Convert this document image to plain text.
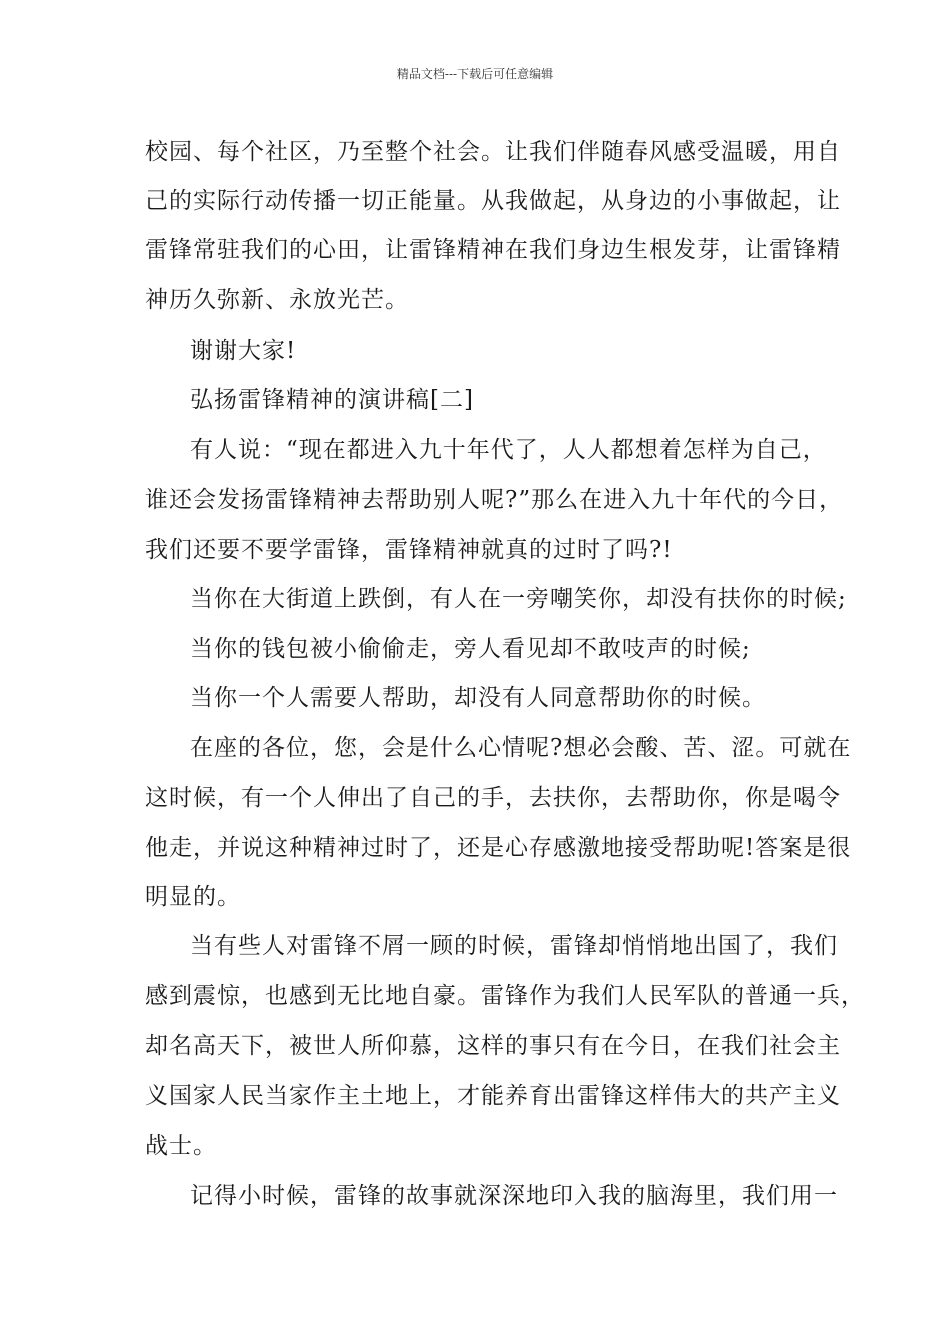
精品文档---下载后可任意编辑
校园、每个社区，乃至整个社会。让我们伴随春风感受温暖，用自
己的实际行动传播一切正能量。从我做起，从身边的小事做起，让
雷锋常驻我们的心田，让雷锋精神在我们身边生根发芽，让雷锋精
神历久弥新、永放光芒。
谢谢大家!
弘扬雷锋精神的演讲稿[二]
有人说：“现在都进入九十年代了，人人都想着怎样为自己，
谁还会发扬雷锋精神去帮助别人呢?”那么在进入九十年代的今日，
我们还要不要学雷锋，雷锋精神就真的过时了吗?!
当你在大街道上跌倒，有人在一旁嘲笑你，却没有扶你的时候;
当你的钱包被小偷偷走，旁人看见却不敢吱声的时候;
当你一个人需要人帮助，却没有人同意帮助你的时候。
在座的各位，您，会是什么心情呢?想必会酸、苦、涩。可就在
这时候，有一个人伸出了自己的手，去扶你，去帮助你，你是喝令
他走，并说这种精神过时了，还是心存感激地接受帮助呢!答案是很
明显的。
当有些人对雷锋不屑一顾的时候，雷锋却悄悄地出国了，我们
感到震惊，也感到无比地自豪。雷锋作为我们人民军队的普通一兵，
却名高天下，被世人所仰慕，这样的事只有在今日，在我们社会主
义国家人民当家作主土地上，才能养育出雷锋这样伟大的共产主义
战士。
记得小时候，雷锋的故事就深深地印入我的脑海里，我们用一
